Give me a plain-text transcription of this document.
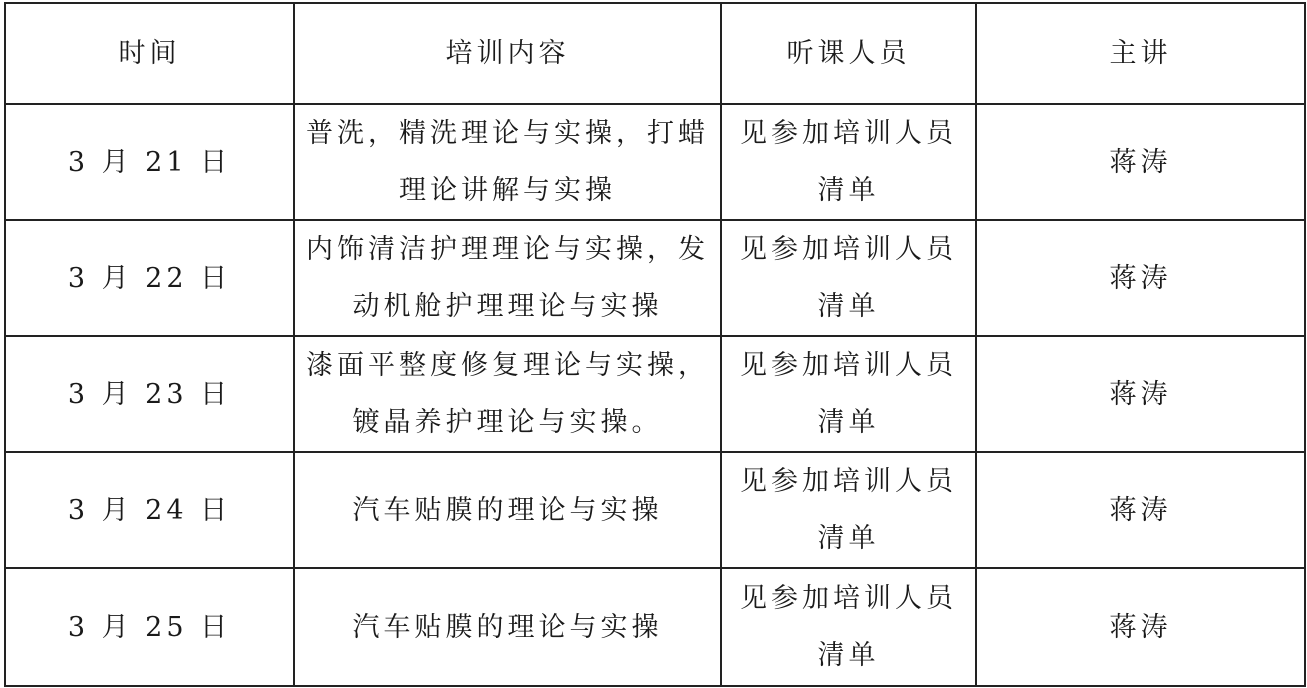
时间	培训内容	听课人员	主讲
3 月 21 日	普洗，精洗理论与实操，打蜡理论讲解与实操	见参加培训人员清单	蒋涛
3 月 22 日	内饰清洁护理理论与实操，发动机舱护理理论与实操	见参加培训人员清单	蒋涛
3 月 23 日	漆面平整度修复理论与实操，镀晶养护理论与实操。	见参加培训人员清单	蒋涛
3 月 24 日	汽车贴膜的理论与实操	见参加培训人员清单	蒋涛
3 月 25 日	汽车贴膜的理论与实操	见参加培训人员清单	蒋涛
